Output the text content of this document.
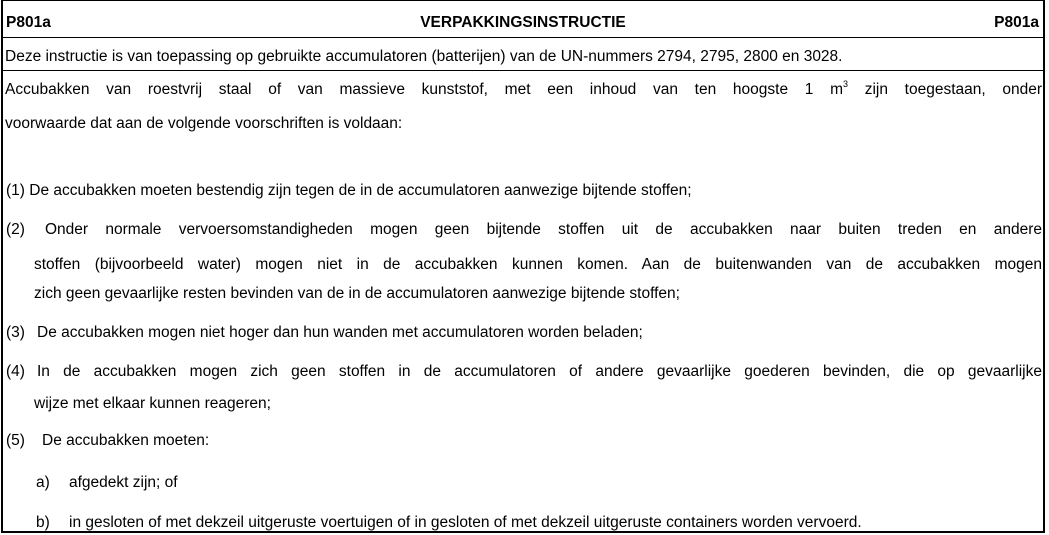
P801a	VERPAKKINGSINSTRUCTIE	P801a
Deze instructie is van toepassing op gebruikte accumulatoren (batterijen) van de UN-nummers 2794, 2795, 2800 en 3028.
Accubakken van roestvrij staal of van massieve kunststof, met een inhoud van ten hoogste 1 $m^3$ zijn toegestaan, onder
voorwaarde dat aan de volgende voorschriften is voldaan:
(1) De accubakken moeten bestendig zijn tegen de in de accumulatoren aanwezige bijtende stoffen;
(2) Onder normale vervoersomstandigheden mogen geen bijtende stoffen uit de accubakken naar buiten treden en andere
stoffen (bijvoorbeeld water) mogen niet in de accubakken kunnen komen. Aan de buitenwanden van de accubakken mogen
zich geen gevaarlijke resten bevinden van de in de accumulatoren aanwezige bijtende stoffen;
(3) De accubakken mogen niet hoger dan hun wanden met accumulatoren worden beladen;
(4) In de accubakken mogen zich geen stoffen in de accumulatoren of andere gevaarlijke goederen bevinden, die op gevaarlijke
wijze met elkaar kunnen reageren;
(5) De accubakken moeten:
a) afgedekt zijn; of
b) in gesloten of met dekzeil uitgeruste voertuigen of in gesloten of met dekzeil uitgeruste containers worden vervoerd.
